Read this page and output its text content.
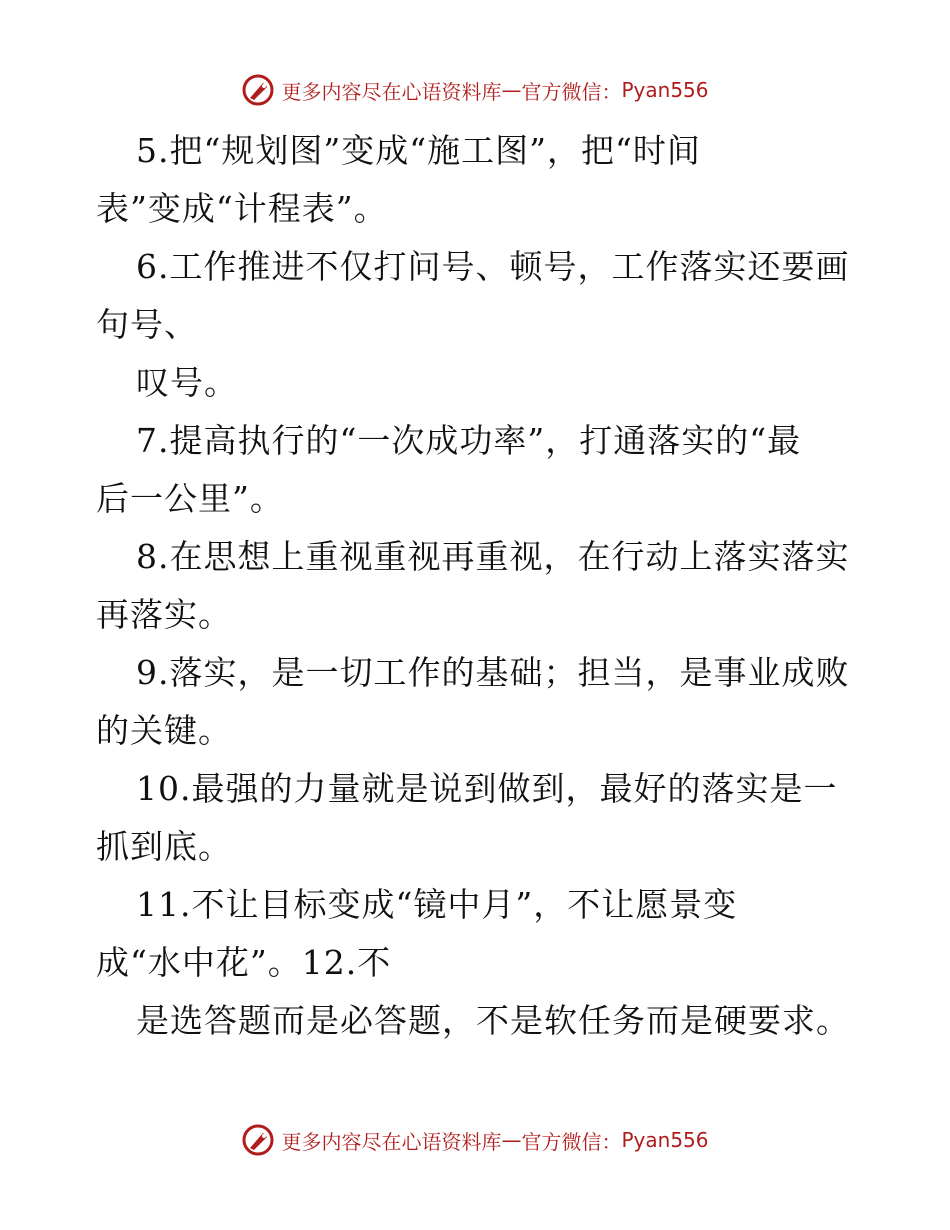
更多内容尽在心语资料库 — 官方微信： Pyan556

5.把“规划图”变成“施工图”，把“时间

表”变成“计程表”。

6.工作推进不仅打问号、顿号，工作落实还要画

句号、

叹号。

7.提高执行的“一次成功率”，打通落实的“最

后一公里”。

8.在思想上重视重视再重视，在行动上落实落实

再落实。

9.落实，是一切工作的基础；担当，是事业成败

的关键。

10.最强的力量就是说到做到，最好的落实是一

抓到底。

11.不让目标变成“镜中月”，不让愿景变

成“水中花”。12.不

是选答题而是必答题，不是软任务而是硬要求。

更多内容尽在心语资料库 — 官方微信： Pyan556
